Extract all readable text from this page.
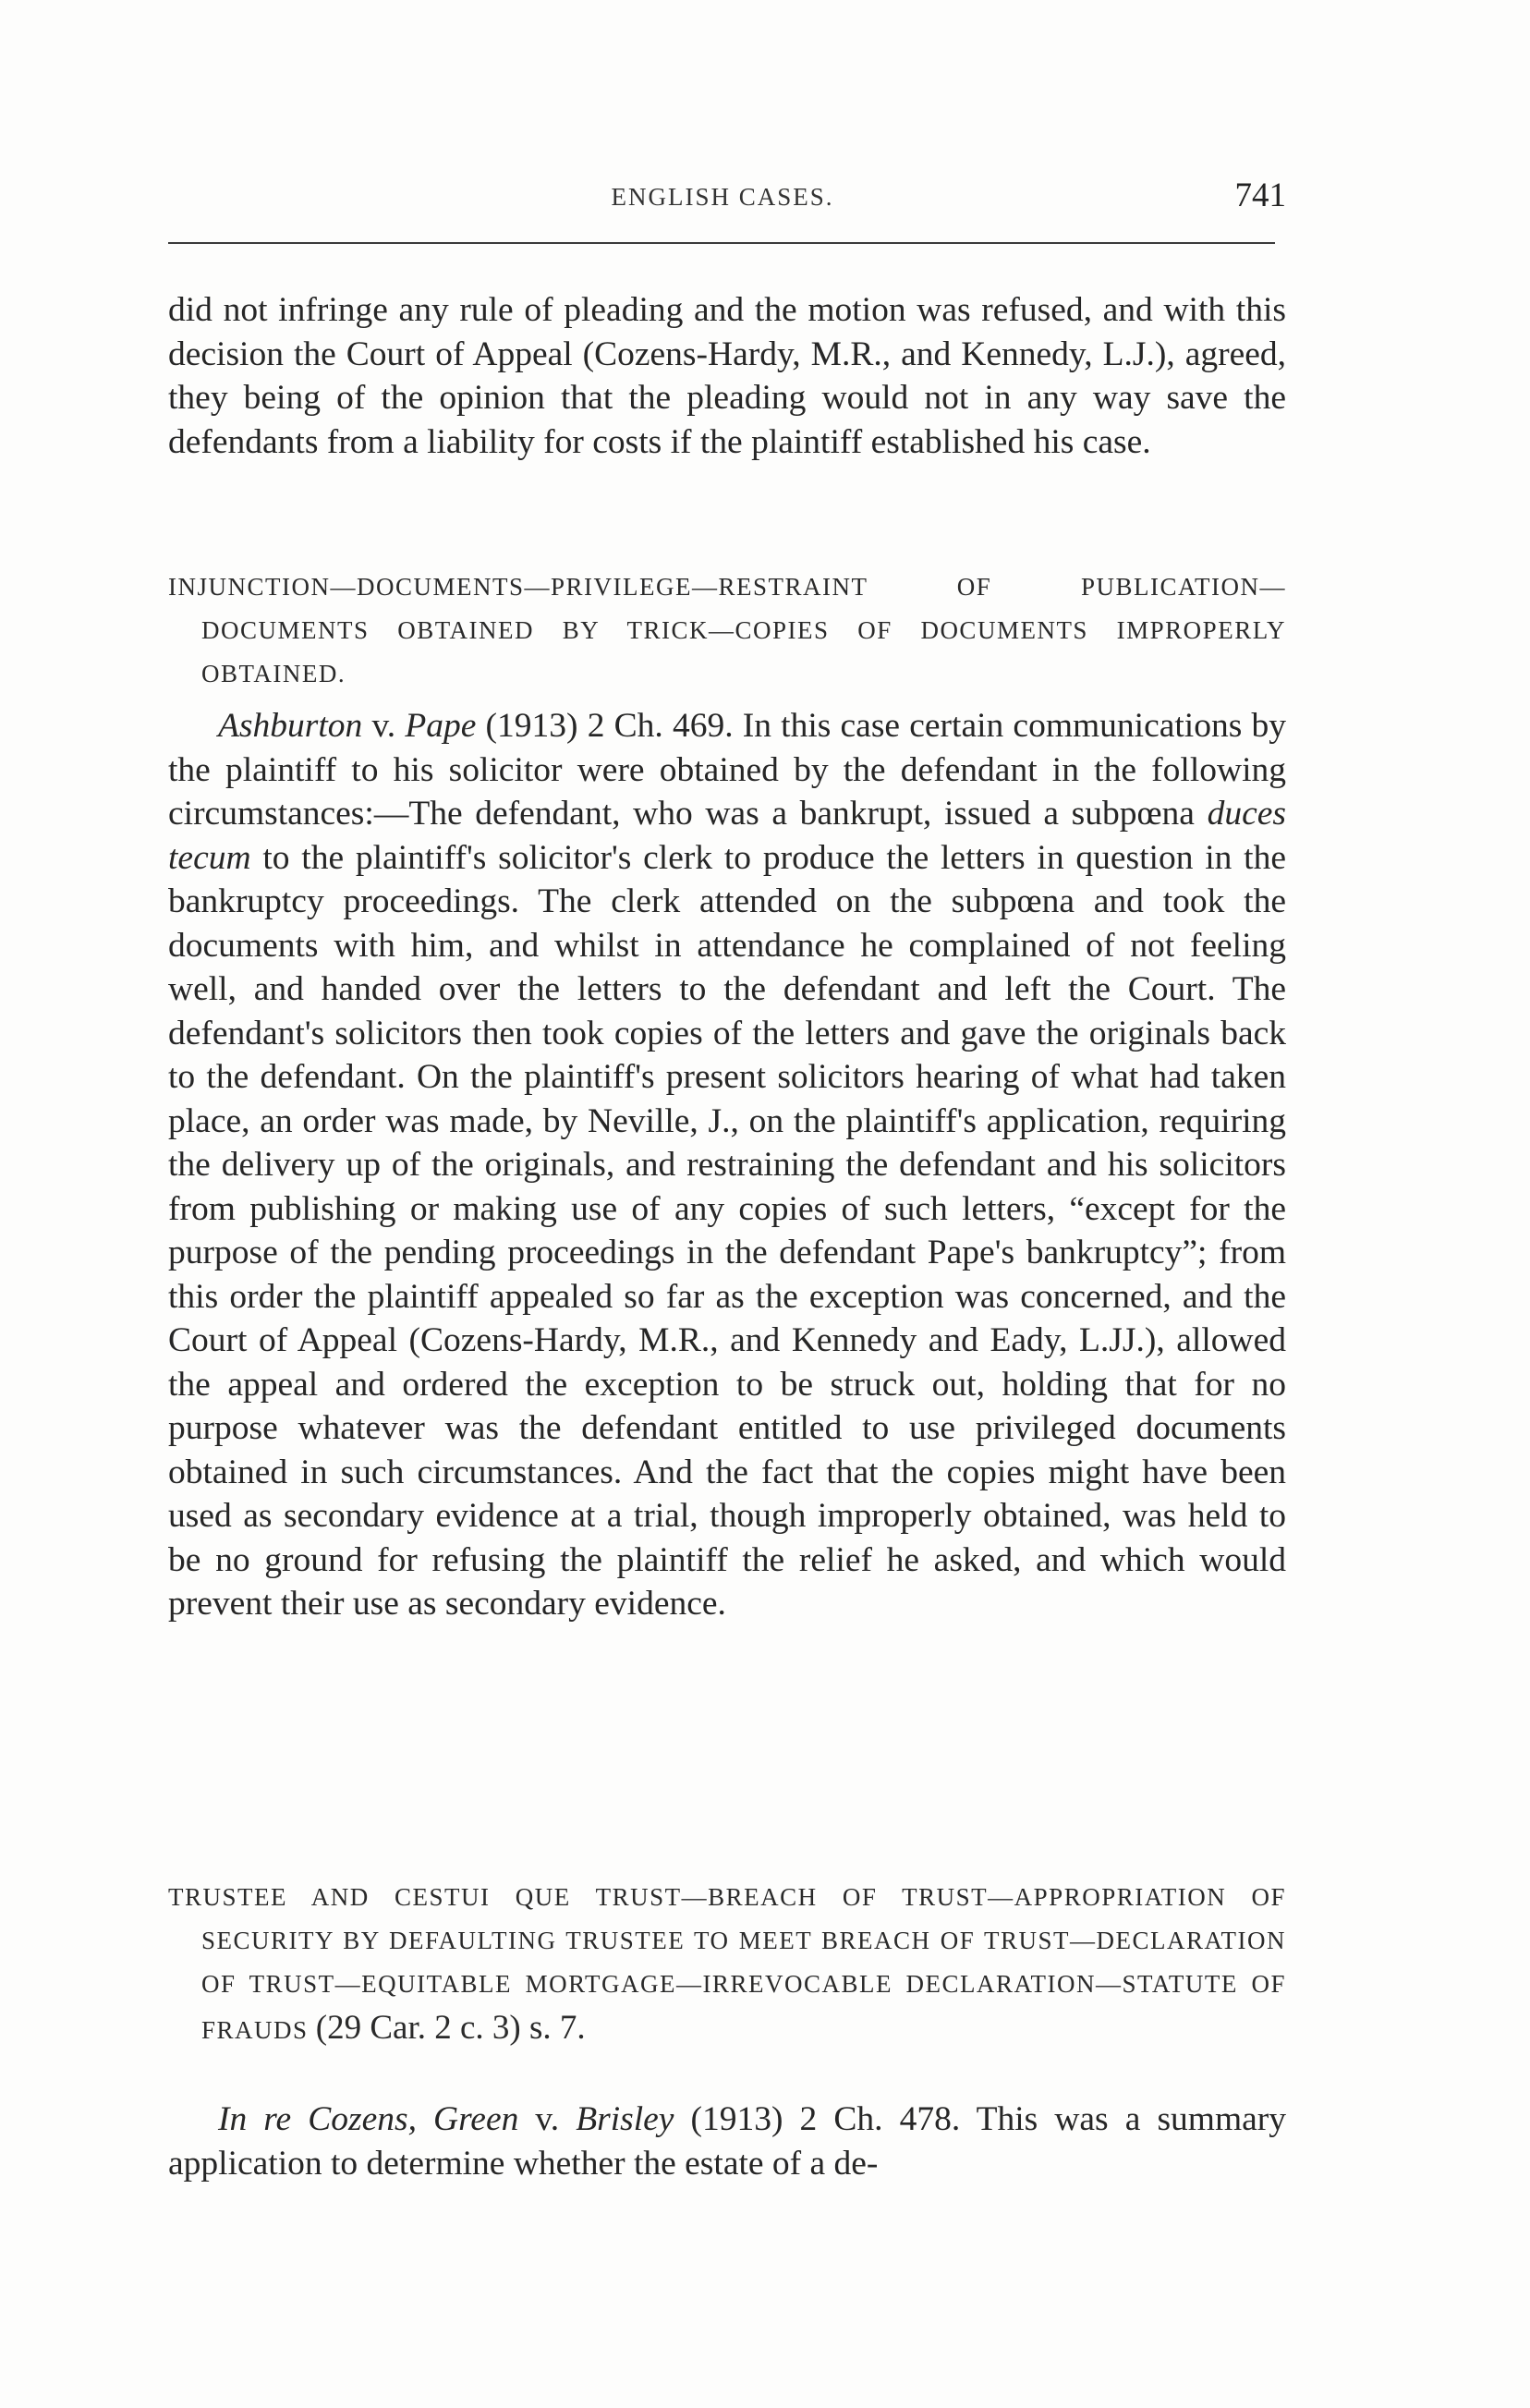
ENGLISH CASES.	741

did not infringe any rule of pleading and the motion was refused, and with this decision the Court of Appeal (Cozens-Hardy, M.R., and Kennedy, L.J.), agreed, they being of the opinion that the pleading would not in any way save the defendants from a liability for costs if the plaintiff established his case.

INJUNCTION—DOCUMENTS—PRIVILEGE—RESTRAINT OF PUBLICATION—DOCUMENTS OBTAINED BY TRICK—COPIES OF DOCUMENTS IMPROPERLY OBTAINED.

Ashburton v. Pape (1913) 2 Ch. 469. In this case certain communications by the plaintiff to his solicitor were obtained by the defendant in the following circumstances:—The defendant, who was a bankrupt, issued a subpœna duces tecum to the plaintiff's solicitor's clerk to produce the letters in question in the bankruptcy proceedings. The clerk attended on the subpœna and took the documents with him, and whilst in attendance he complained of not feeling well, and handed over the letters to the defendant and left the Court. The defendant's solicitors then took copies of the letters and gave the originals back to the defendant. On the plaintiff's present solicitors hearing of what had taken place, an order was made, by Neville, J., on the plaintiff's application, requiring the delivery up of the originals, and restraining the defendant and his solicitors from publishing or making use of any copies of such letters, “except for the purpose of the pending proceedings in the defendant Pape's bankruptcy”; from this order the plaintiff appealed so far as the exception was concerned, and the Court of Appeal (Cozens-Hardy, M.R., and Kennedy and Eady, L.JJ.), allowed the appeal and ordered the exception to be struck out, holding that for no purpose whatever was the defendant entitled to use privileged documents obtained in such circumstances. And the fact that the copies might have been used as secondary evidence at a trial, though improperly obtained, was held to be no ground for refusing the plaintiff the relief he asked, and which would prevent their use as secondary evidence.

TRUSTEE AND CESTUI QUE TRUST—BREACH OF TRUST—APPROPRIATION OF SECURITY BY DEFAULTING TRUSTEE TO MEET BREACH OF TRUST—DECLARATION OF TRUST—EQUITABLE MORTGAGE—IRREVOCABLE DECLARATION—STATUTE OF FRAUDS (29 Car. 2 c. 3) s. 7.

In re Cozens, Green v. Brisley (1913) 2 Ch. 478. This was a summary application to determine whether the estate of a de-
